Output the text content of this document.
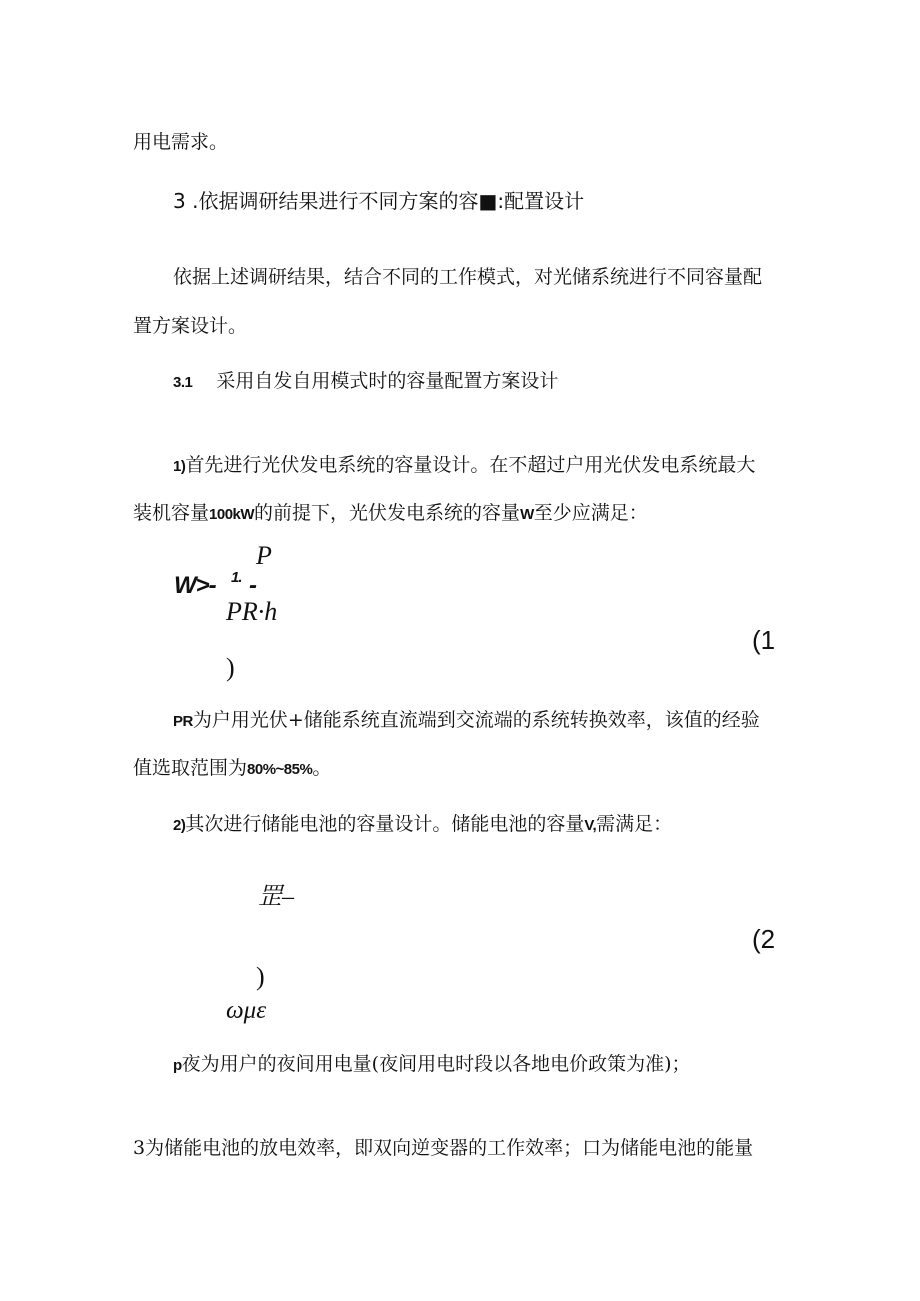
用电需求。

3 .依据调研结果进行不同方案的容■:配置设计

依据上述调研结果，结合不同的工作模式，对光储系统进行不同容量配

置方案设计。

3.1 采用自发自用模式时的容量配置方案设计
1)首先进行光伏发电系统的容量设计。在不超过户用光伏发电系统最大
装机容量100kW的前提下，光伏发电系统的容量W至少应满足：
W>- 1. -
P
PR·h
)
(1
PR为户用光伏+储能系统直流端到交流端的系统转换效率，该值的经验
值选取范围为80%~85%。
2)其次进行储能电池的容量设计。储能电池的容量V,需满足：
罡–
)
ωμε
(2
p夜为用户的夜间用电量(夜间用电时段以各地电价政策为准)；

3为储能电池的放电效率，即双向逆变器的工作效率；口为储能电池的能量
